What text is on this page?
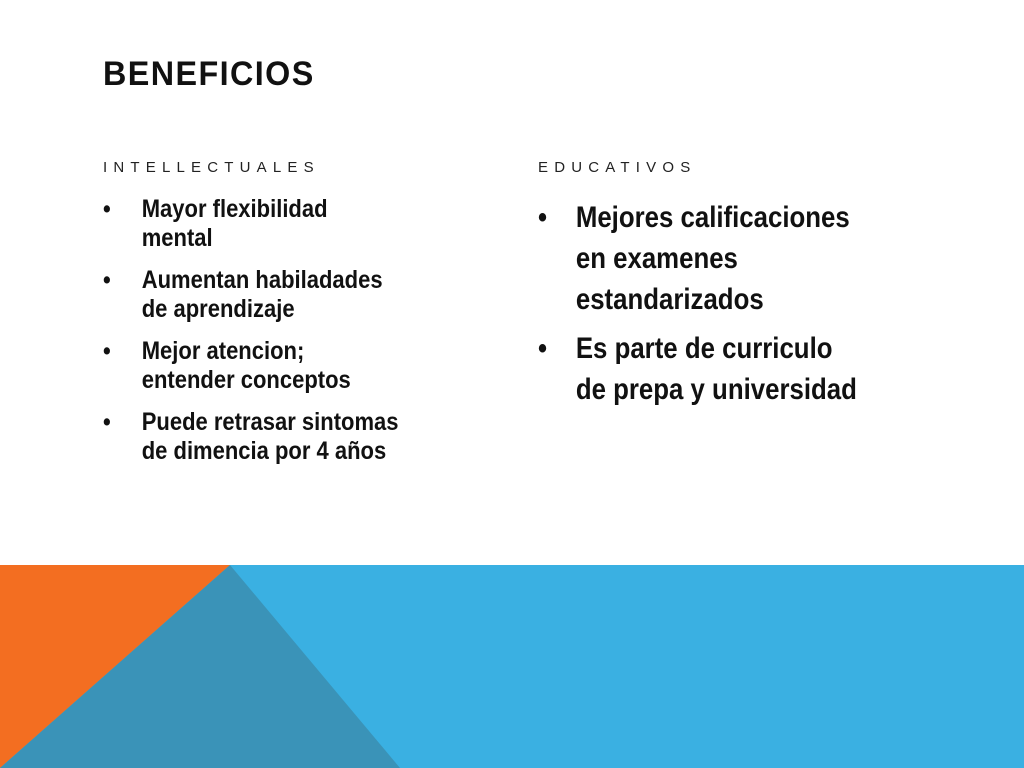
BENEFICIOS
INTELLECTUALES
•	Mayor flexibilidad mental
•	Aumentan habiladades de aprendizaje
•	Mejor atencion; entender conceptos
•	Puede retrasar sintomas de dimencia por 4 años
EDUCATIVOS
• Mejores calificaciones en examenes estandarizados
• Es parte de curriculo de prepa y universidad
